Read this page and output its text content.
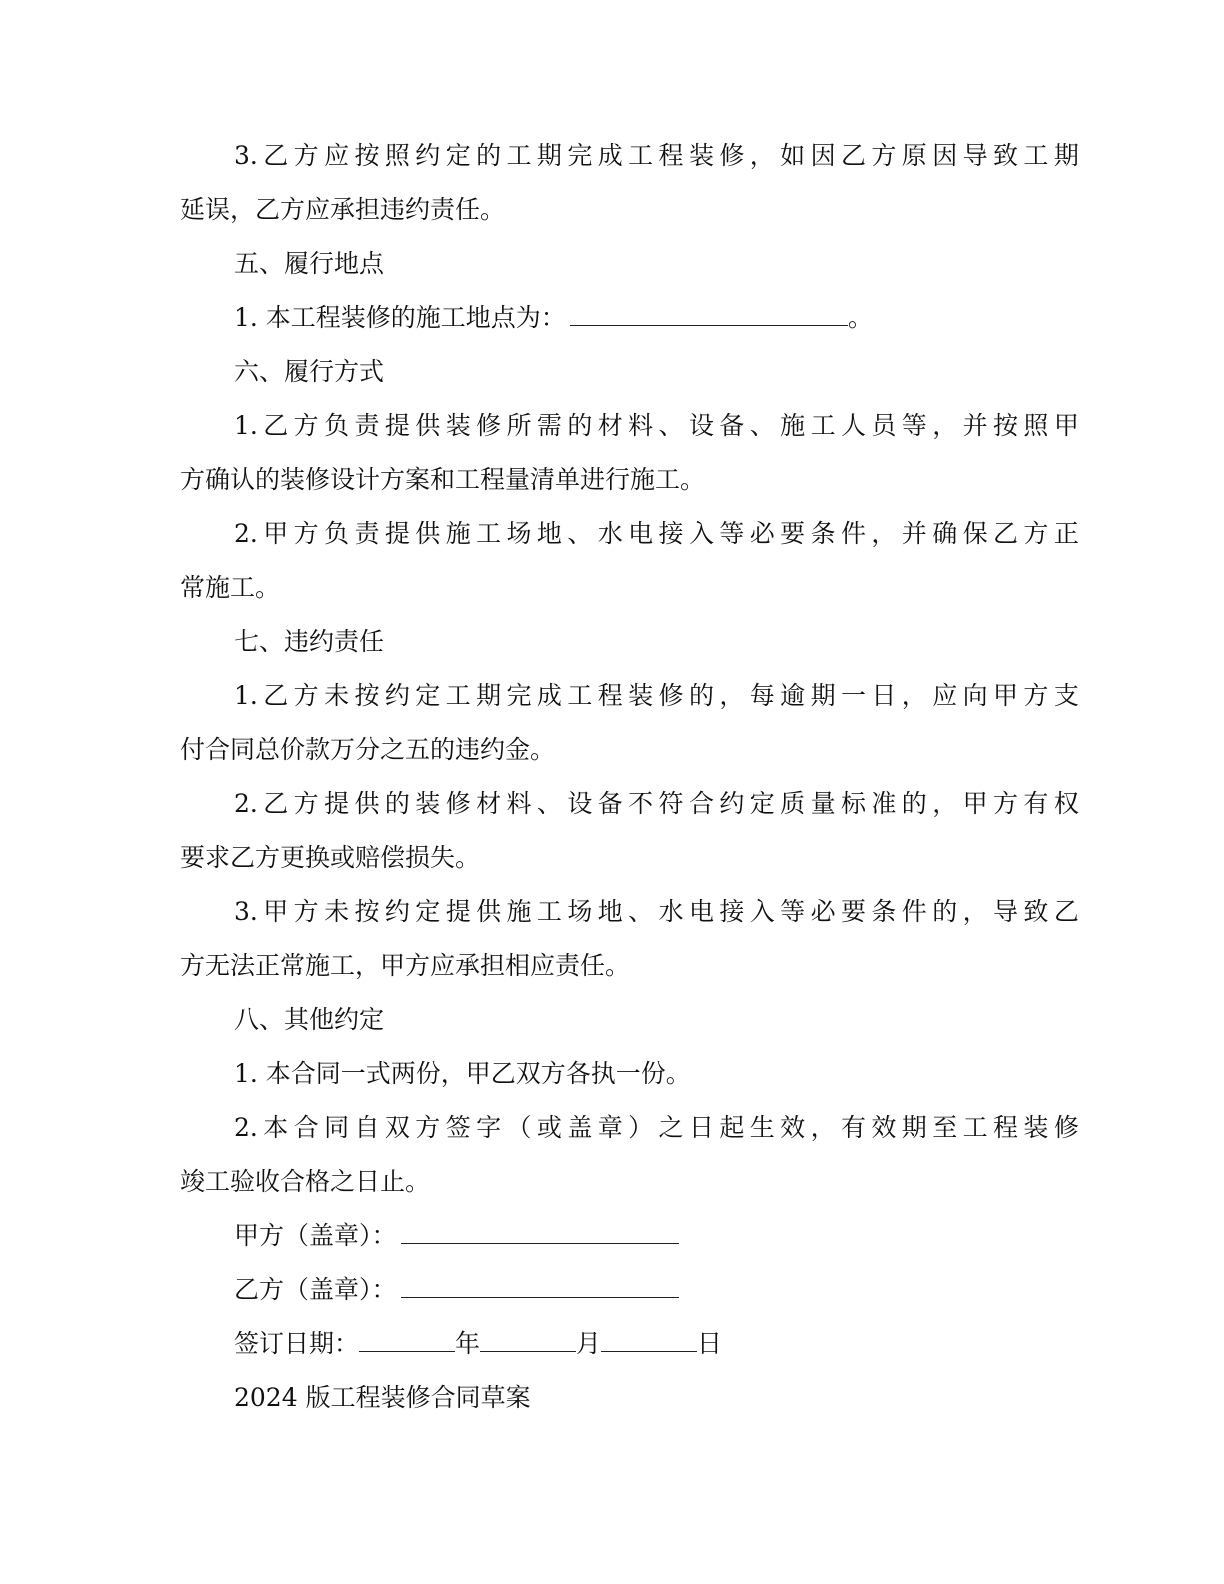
3. 乙 方 应 按 照 约 定 的 工 期 完 成 工 程 装 修 ， 如 因 乙 方 原 因 导 致 工 期
延误，乙方应承担违约责任。
五、履行地点
1. 本工程装修的施工地点为：	。
六、履行方式
1. 乙 方 负 责 提 供 装 修 所 需 的 材 料 、 设 备 、 施 工 人 员 等 ， 并 按 照 甲
方确认的装修设计方案和工程量清单进行施工。
2. 甲 方 负 责 提 供 施 工 场 地 、 水 电 接 入 等 必 要 条 件 ， 并 确 保 乙 方 正
常施工。
七、违约责任
1. 乙 方 未 按 约 定 工 期 完 成 工 程 装 修 的 ， 每 逾 期 一 日 ， 应 向 甲 方 支
付合同总价款万分之五的违约金。
2. 乙 方 提 供 的 装 修 材 料 、 设 备 不 符 合 约 定 质 量 标 准 的 ， 甲 方 有 权
要求乙方更换或赔偿损失。
3. 甲 方 未 按 约 定 提 供 施 工 场 地 、 水 电 接 入 等 必 要 条 件 的 ， 导 致 乙
方无法正常施工，甲方应承担相应责任。
八、其他约定
1. 本合同一式两份，甲乙双方各执一份。
2. 本 合 同 自 双 方 签 字 （ 或 盖 章 ） 之 日 起 生 效 ， 有 效 期 至 工 程 装 修
竣工验收合格之日止。
甲方（盖章）：
乙方（盖章）：
签订日期：	年	月	日
2024 版工程装修合同草案
